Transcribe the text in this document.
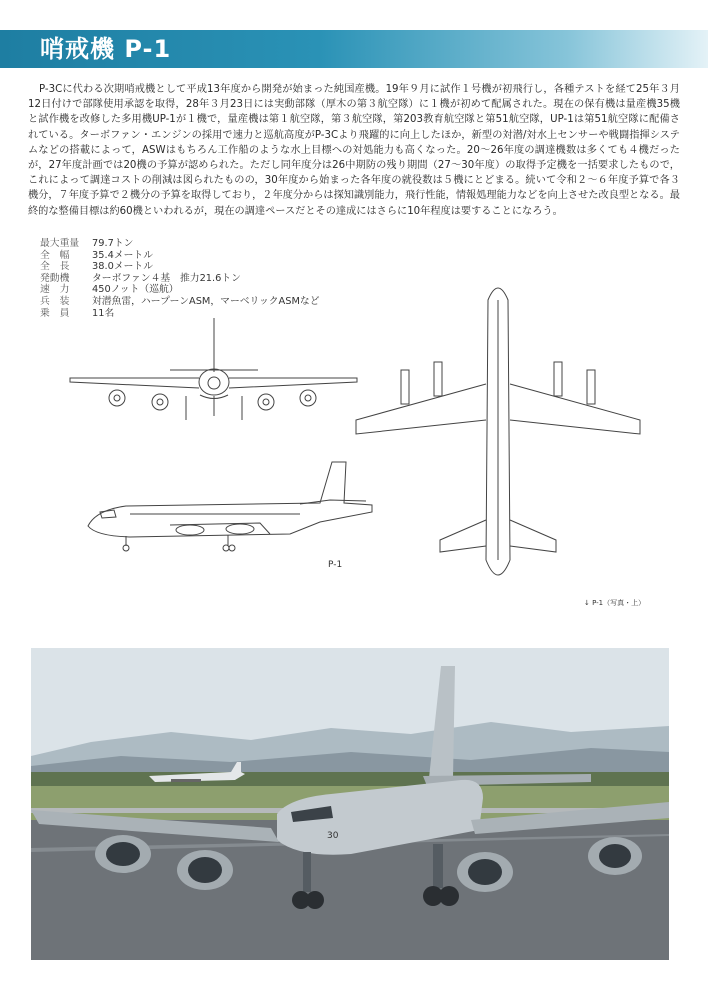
哨戒機 P-1

P-3Cに代わる次期哨戒機として平成13年度から開発が始まった純国産機。19年９月に試作１号機が初飛行し，各種テストを経て25年３月12日付けで部隊使用承認を取得，28年３月23日には実動部隊（厚木の第３航空隊）に１機が初めて配属された。現在の保有機は量産機35機と試作機を改修した多用機UP-1が１機で，量産機は第１航空隊，第３航空隊，第203教育航空隊と第51航空隊，UP-1は第51航空隊に配備されている。ターボファン・エンジンの採用で速力と巡航高度がP-3Cより飛躍的に向上したほか，新型の対潜/対水上センサーや戦闘指揮システムなどの搭載によって，ASWはもちろん工作船のような水上目標への対処能力も高くなった。20～26年度の調達機数は多くても４機だったが，27年度計画では20機の予算が認められた。ただし同年度分は26中期防の残り期間（27～30年度）の取得予定機を一括要求したもので，これによって調達コストの削減は図られたものの，30年度から始まった各年度の就役数は５機にとどまる。続いて令和２～６年度予算で各３機分，７年度予算で２機分の予算を取得しており，２年度分からは探知識別能力，飛行性能，情報処理能力などを向上させた改良型となる。最終的な整備目標は約60機といわれるが，現在の調達ペースだとその達成にはさらに10年程度は要することになろう。

最大重量	79.7トン
全　幅	35.4メートル
全　長	38.0メートル
発動機	ターボファン４基　推力21.6トン
速　力	450ノット（巡航）
兵　装	対潜魚雷，ハープーンASM，マーベリックASMなど
乗　員	11名
P-1
↓ P-1（写真・上）
30
